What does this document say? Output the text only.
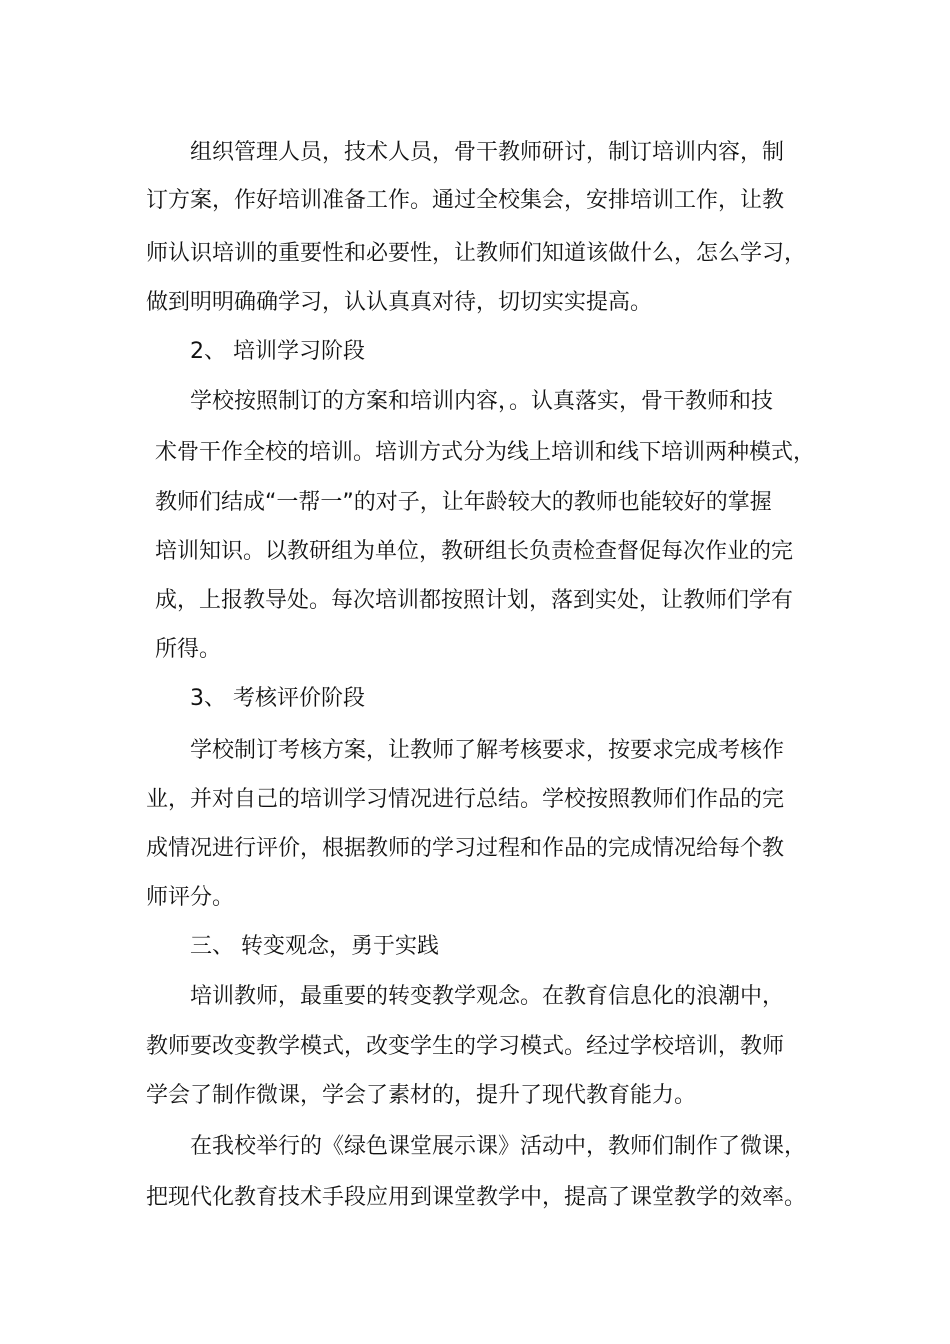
组织管理人员，技术人员，骨干教师研讨，制订培训内容，制
订方案，作好培训准备工作。通过全校集会，安排培训工作，让教
师认识培训的重要性和必要性，让教师们知道该做什么，怎么学习，
做到明明确确学习，认认真真对待，切切实实提高。
2、 培训学习阶段
学校按照制订的方案和培训内容，。认真落实，骨干教师和技
术骨干作全校的培训。培训方式分为线上培训和线下培训两种模式，
教师们结成“一帮一”的对子，让年龄较大的教师也能较好的掌握
培训知识。以教研组为单位，教研组长负责检查督促每次作业的完
成，上报教导处。每次培训都按照计划，落到实处，让教师们学有
所得。
3、 考核评价阶段
学校制订考核方案，让教师了解考核要求，按要求完成考核作
业，并对自己的培训学习情况进行总结。学校按照教师们作品的完
成情况进行评价，根据教师的学习过程和作品的完成情况给每个教
师评分。
三、 转变观念，勇于实践
培训教师，最重要的转变教学观念。在教育信息化的浪潮中，
教师要改变教学模式，改变学生的学习模式。经过学校培训，教师
学会了制作微课，学会了素材的，提升了现代教育能力。
在我校举行的《绿色课堂展示课》活动中，教师们制作了微课，
把现代化教育技术手段应用到课堂教学中，提高了课堂教学的效率。
